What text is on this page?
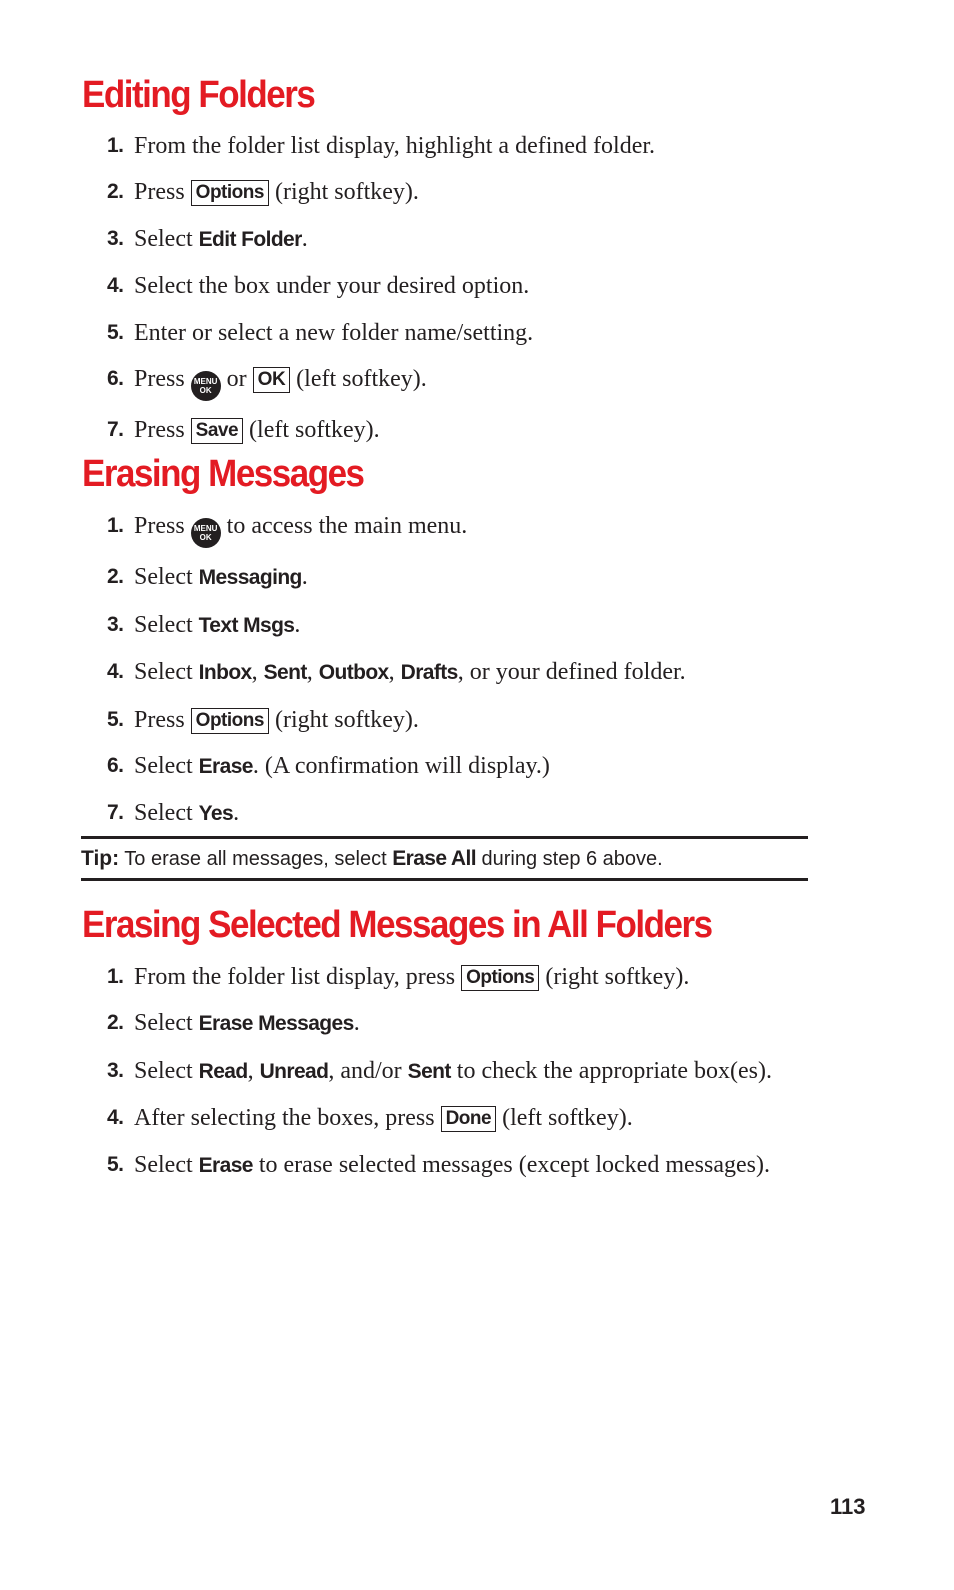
Editing Folders
1. From the folder list display, highlight a defined folder.
2. Press Options (right softkey).
3. Select Edit Folder.
4. Select the box under your desired option.
5. Enter or select a new folder name/setting.
6. Press MENU
OK or OK (left softkey).
7. Press Save (left softkey).
Erasing Messages
1. Press MENU
OK to access the main menu.
2. Select Messaging.
3. Select Text Msgs.
4. Select Inbox, Sent, Outbox, Drafts, or your defined folder.
5. Press Options (right softkey).
6. Select Erase. (A confirmation will display.)
7. Select Yes.
Tip: To erase all messages, select Erase All during step 6 above.
Erasing Selected Messages in All Folders
1. From the folder list display, press Options (right softkey).
2. Select Erase Messages.
3. Select Read, Unread, and/or Sent to check the appropriate box(es).
4. After selecting the boxes, press Done (left softkey).
5. Select Erase to erase selected messages (except locked messages).
113
